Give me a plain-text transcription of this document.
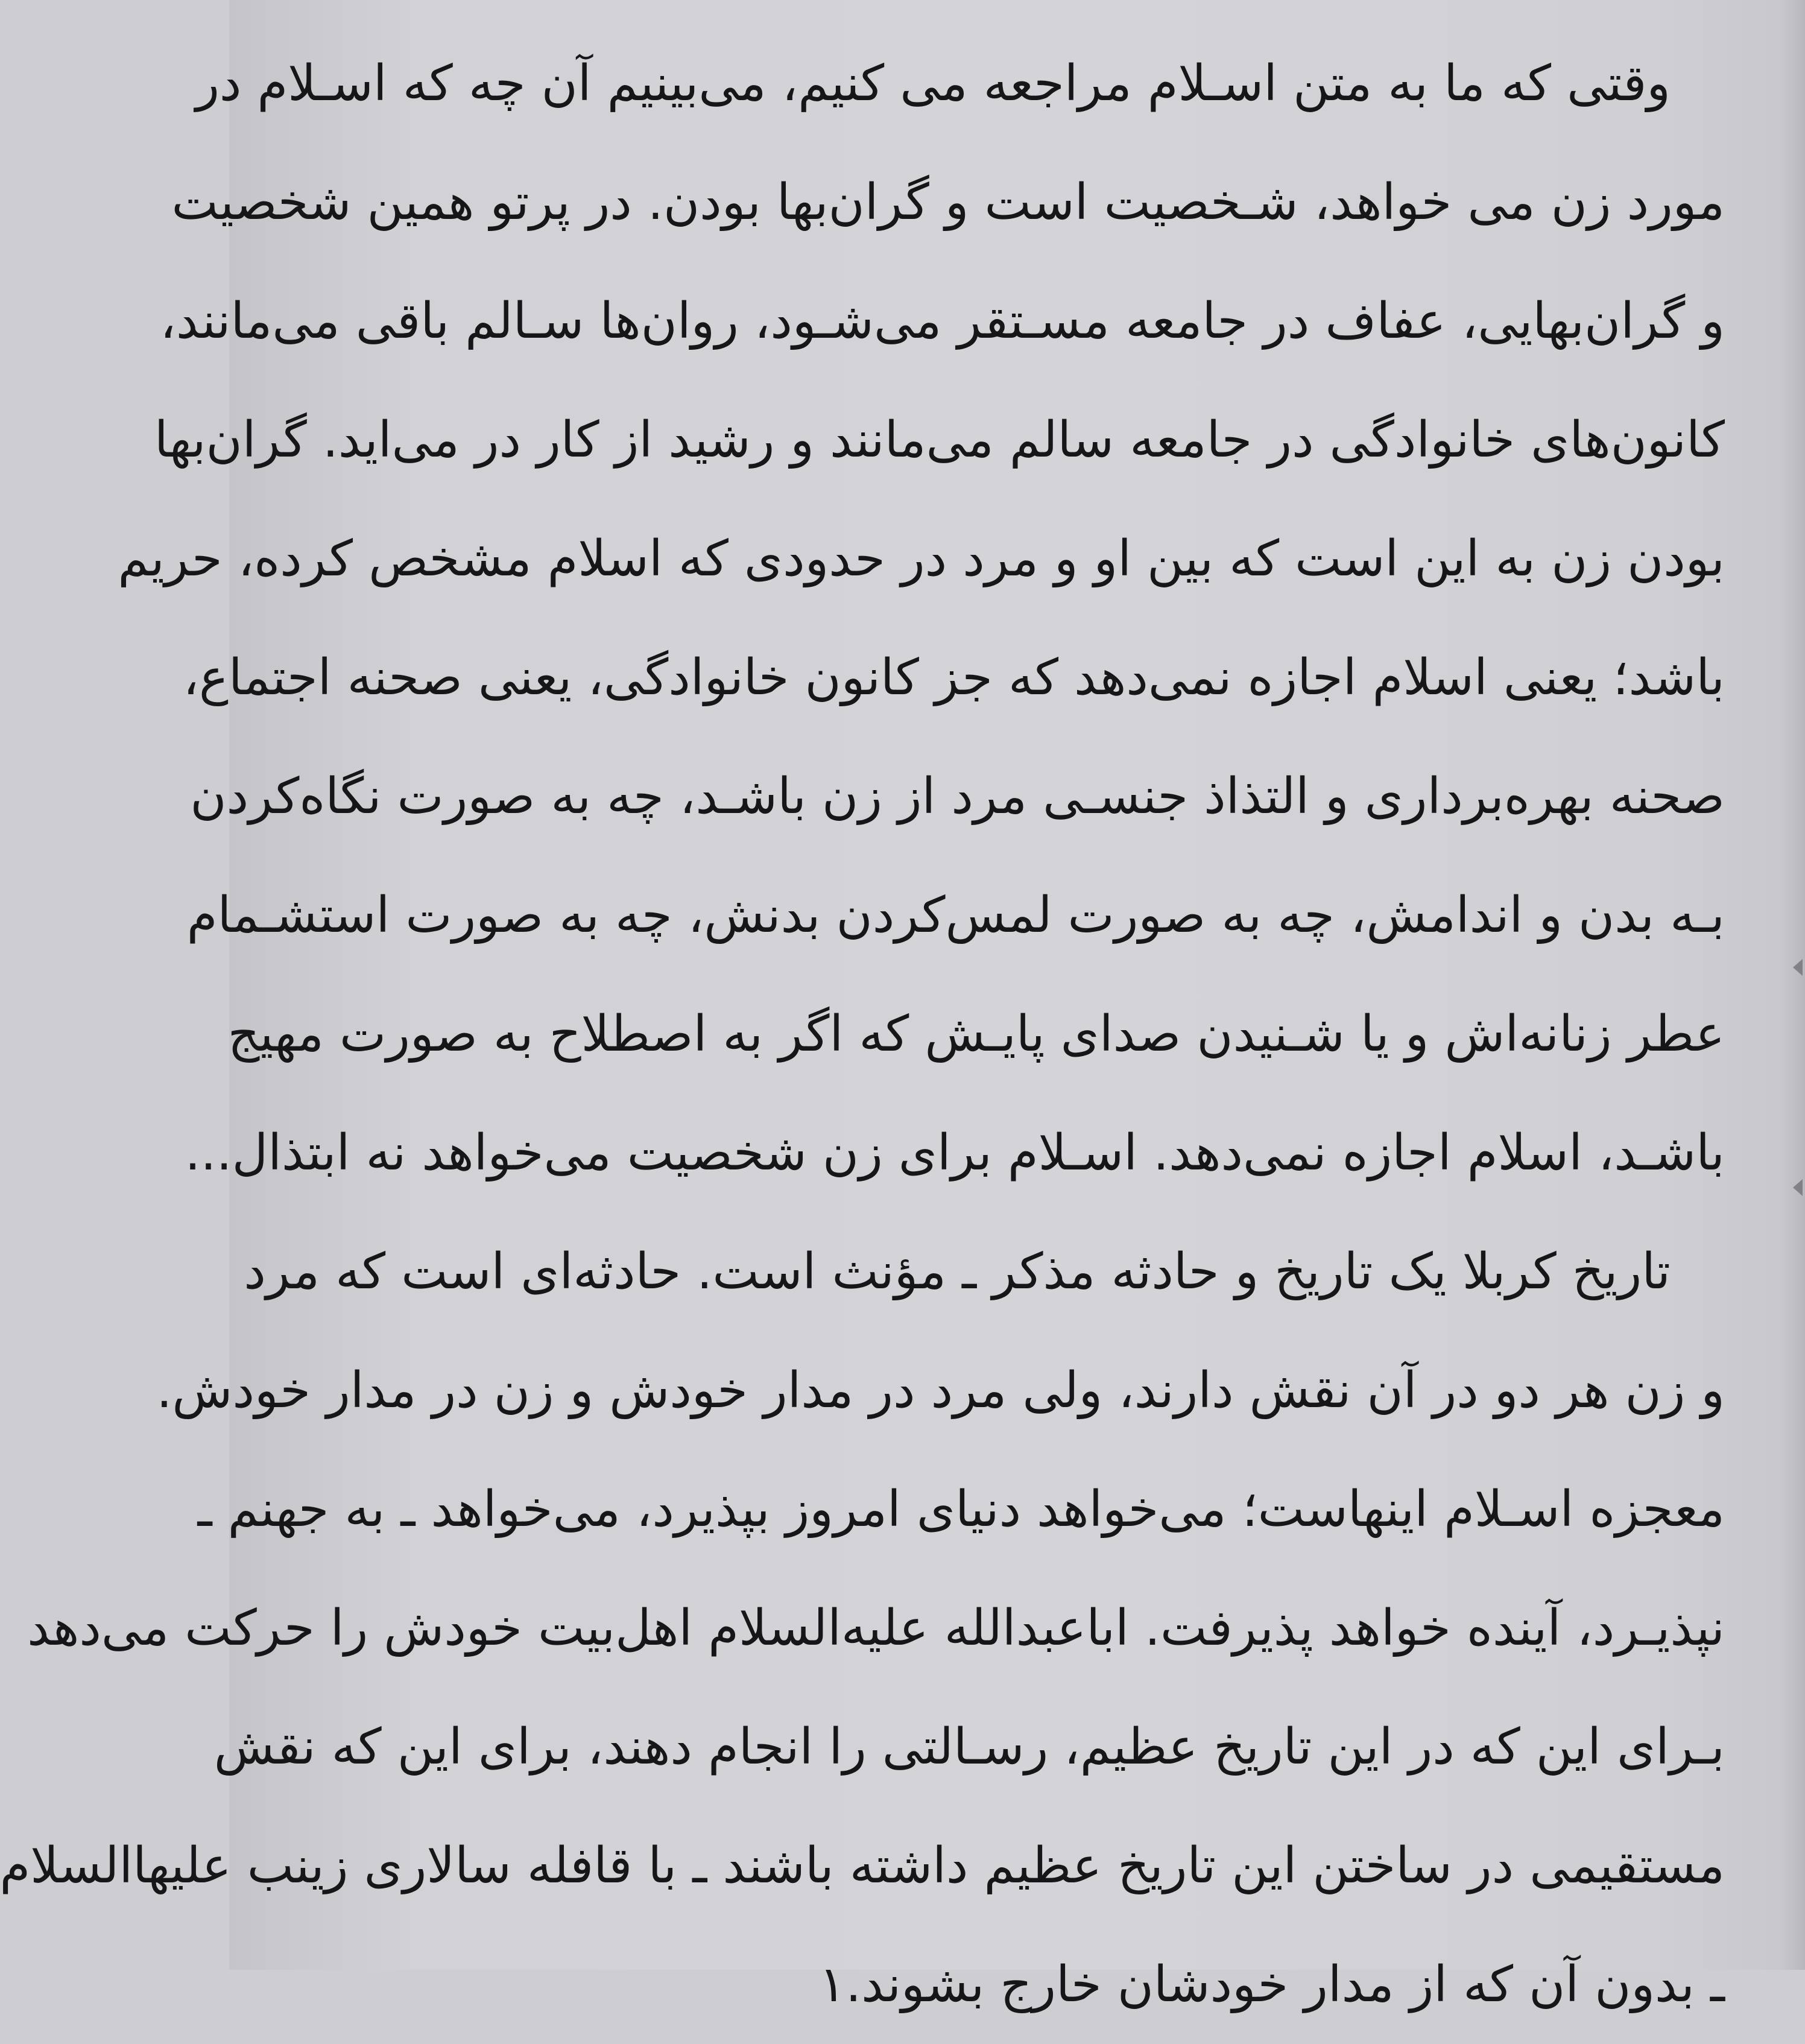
وقتی که ما به متن اسـلام مراجعه می کنیم، می‌بینیم آن چه که اسـلام در
مورد زن می خواهد، شـخصیت است و گران‌بها بودن. در پرتو همین شخصیت
و گران‌بهایی، عفاف در جامعه مسـتقر می‌شـود، روان‌ها سـالم باقی می‌مانند،
کانون‌های خانوادگی در جامعه سالم می‌مانند و رشید از کار در می‌اید. گران‌بها
بودن زن به این است که بین او و مرد در حدودی که اسلام مشخص کرده، حریم
باشد؛ یعنی اسلام اجازه نمی‌دهد که جز کانون خانوادگی، یعنی صحنه اجتماع،
صحنه بهره‌برداری و التذاذ جنسـی مرد از زن باشـد، چه به صورت نگاه‌کردن
بـه بدن و اندامش، چه به صورت لمس‌کردن بدنش، چه به صورت استشـمام
عطر زنانه‌اش و یا شـنیدن صدای پایـش که اگر به اصطلاح به صورت مهیج
باشـد، اسلام اجازه نمی‌دهد. اسـلام برای زن شخصیت می‌خواهد نه ابتذال...
تاریخ کربلا یک تاریخ و حادثه مذکر ـ مؤنث است. حادثه‌ای است که مرد
و زن هر دو در آن نقش دارند، ولی مرد در مدار خودش و زن در مدار خودش.
معجزه اسـلام اینهاست؛ می‌خواهد دنیای امروز بپذیرد، می‌خواهد ـ به جهنم ـ
نپذیـرد، آینده خواهد پذیرفت. اباعبدالله عليه‌السلام اهل‌بیت خودش را حرکت می‌دهد
بـرای این که در این تاریخ عظیم، رسـالتی را انجام دهند، برای این که نقش
مستقیمی در ساختن این تاریخ عظیم داشته باشند ـ با قافله سالاری زینب عليهاالسلام
ـ بدون آن که از مدار خودشان خارج بشوند.۱
